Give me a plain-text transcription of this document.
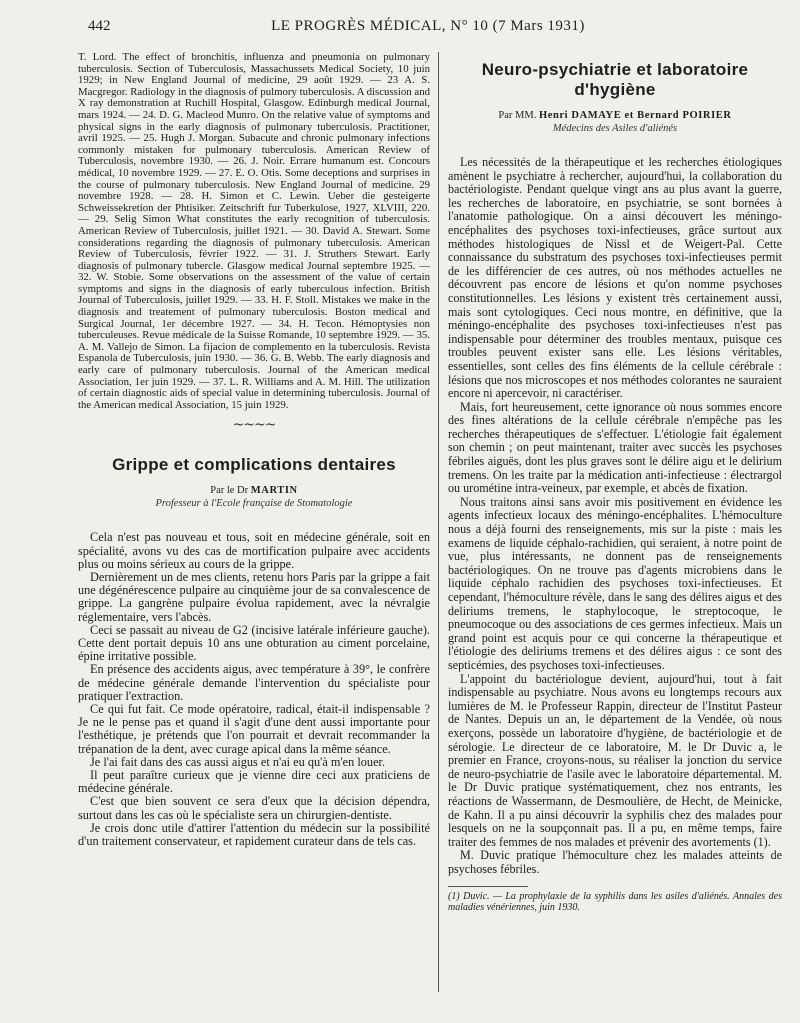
442	LE PROGRÈS MÉDICAL, N° 10 (7 Mars 1931)

T. Lord. The effect of bronchitis, influenza and pneumonia on pulmonary tuberculosis. Section of Tuberculosis, Massachussets Medical Society, 10 juin 1929; in New England Journal of medicine, 29 août 1929. — 23 A. S. Macgregor. Radiology in the diagnosis of pulmory tuberculosis. A discussion and X ray demonstration at Ruchill Hospital, Glasgow. Edinburgh medical Journal, mars 1924. — 24. D. G. Macleod Munro. On the relative value of symptoms and physical signs in the early diagnosis of pulmonary tuberculosis. Practitioner, avril 1925. — 25. Hugh J. Morgan. Subacute and chronic pulmonary infections commonly mistaken for pulmonary tuberculosis. American Review of Tuberculosis, novembre 1930. — 26. J. Noir. Errare humanum est. Concours médical, 10 novembre 1929. — 27. E. O. Otis. Some deceptions and surprises in the course of pulmonary tuberculosis. New England Journal of medicine. 29 novembre 1928. — 28. H. Simon et C. Lewin. Ueber die gesteigerte Schweissekretion der Phtisiker. Zeitschrift fur Tuberkulose, 1927, XLVIII, 220. — 29. Selig Simon What constitutes the early recognition of tuberculosis. American Review of Tuberculosis, juillet 1921. — 30. David A. Stewart. Some considerations regarding the diagnosis of pulmonary tuberculosis. American Review of Tuberculosis, février 1922. — 31. J. Struthers Stewart. Early diagnosis of pulmonary tubercle. Glasgow medical Journal septembre 1925. — 32. W. Stobie. Some observations on the assessment of the value of certain symptoms and signs in the diagnosis of early tuberculous infection. British Journal of Tuberculosis, juillet 1929. — 33. H. F. Stoll. Mistakes we make in the diagnosis and treatement of pulmonary tuberculosis. Boston medical and Surgical Journal, 1er décembre 1927. — 34. H. Tecon. Hémoptysies non tuberculeuses. Revue médicale de la Suisse Romande, 10 septembre 1929. — 35. A. M. Vallejo de Simon. La fijacion de complemento en la tuberculosis. Revista Espanola de Tuberculosis, juin 1930. — 36. G. B. Webb. The early diagnosis and early care of pulmonary tuberculosis. Journal of the American medical Association, 1er juin 1929. — 37. L. R. Williams and A. M. Hill. The utilization of certain diagnostic aids of special value in determining tuberculosis. Journal of the American medical Association, 15 juin 1929.

~~~~
Grippe et complications dentaires
Par le Dr MARTIN
Professeur à l'Ecole française de Stomatologie

Cela n'est pas nouveau et tous, soit en médecine générale, soit en spécialité, avons vu des cas de mortification pulpaire avec accidents plus ou moins sérieux au cours de la grippe.

Dernièrement un de mes clients, retenu hors Paris par la grippe a fait une dégénérescence pulpaire au cinquième jour de sa convalescence de grippe. La gangrène pulpaire évolua rapidement, avec la névralgie réglementaire, vers l'abcès.

Ceci se passait au niveau de G2 (incisive latérale inférieure gauche). Cette dent portait depuis 10 ans une obturation au ciment porcelaine, épine irritative possible.

En présence des accidents aigus, avec température à 39°, le confrère de médecine générale demande l'intervention du spécialiste pour pratiquer l'extraction.

Ce qui fut fait. Ce mode opératoire, radical, était-il indispensable ? Je ne le pense pas et quand il s'agit d'une dent aussi importante pour l'esthétique, je prétends que l'on pourrait et devrait recommander la trépanation de la dent, avec curage apical dans la même séance.

Je l'ai fait dans des cas aussi aigus et n'ai eu qu'à m'en louer.

Il peut paraître curieux que je vienne dire ceci aux praticiens de médecine générale.

C'est que bien souvent ce sera d'eux que la décision dépendra, surtout dans les cas où le spécialiste sera un chirurgien-dentiste.

Je crois donc utile d'attirer l'attention du médecin sur la possibilité d'un traitement conservateur, et rapidement curateur dans de tels cas.

Neuro-psychiatrie et laboratoire d'hygiène
Par MM. Henri DAMAYE et Bernard POIRIER
Médecins des Asiles d'aliénés

Les nécessités de la thérapeutique et les recherches étiologiques amènent le psychiatre à rechercher, aujourd'hui, la collaboration du bactériologiste. Pendant quelque vingt ans au plus avant la guerre, les recherches de laboratoire, en psychiatrie, se sont bornées à l'anatomie pathologique. On a ainsi découvert les méningo-encéphalites des psychoses toxi-infectieuses, grâce surtout aux méthodes histologiques de Nissl et de Weigert-Pal. Cette connaissance du substratum des psychoses toxi-infectieuses permit de les différencier de ces autres, où nos méthodes actuelles ne découvrent pas encore de lésions et qu'on nomme psychoses constitutionnelles. Les lésions y existent très certainement aussi, mais sont cytologiques. Ceci nous montre, en définitive, que la méningo-encéphalite des psychoses toxi-infectieuses n'est pas indispensable pour déterminer des troubles mentaux, puisque ces troubles peuvent exister sans elle. Les lésions véritables, essentielles, sont celles des fins éléments de la cellule cérébrale : lésions que nos microscopes et nos méthodes colorantes ne sauraient encore ni apercevoir, ni caractériser.

Mais, fort heureusement, cette ignorance où nous sommes encore des fines altérations de la cellule cérébrale n'empêche pas les recherches thérapeutiques de s'effectuer. L'étiologie fait également son chemin ; on peut maintenant, traiter avec succès les psychoses fébriles aiguës, dont les plus graves sont le délire aigu et le delirium tremens. On les traite par la médication anti-infectieuse : électrargol ou urométine intra-veineux, par exemple, et abcès de fixation.

Nous traitons ainsi sans avoir mis positivement en évidence les agents infectieux locaux des méningo-encéphalites. L'hémoculture nous a déjà fourni des renseignements, mis sur la piste : mais les examens de liquide céphalo-rachidien, qui seraient, à notre point de vue, plus intéressants, ne donnent pas de renseignements bactériologiques. On ne trouve pas d'agents microbiens dans le liquide céphalo rachidien des psychoses toxi-infectieuses. Et cependant, l'hémoculture révèle, dans le sang des délires aigus et des deliriums tremens, le staphylocoque, le streptocoque, le pneumocoque ou des associations de ces germes infectieux. Mais un grand point est acquis pour ce qui concerne la thérapeutique et l'étiologie des deliriums tremens et des délires aigus : ce sont des septicémies, des psychoses toxi-infectieuses.

L'appoint du bactériologue devient, aujourd'hui, tout à fait indispensable au psychiatre. Nous avons eu longtemps recours aux lumières de M. le Professeur Rappin, directeur de l'Institut Pasteur de Nantes. Depuis un an, le département de la Vendée, où nous exerçons, possède un laboratoire d'hygiène, de bactériologie et de sérologie. Le directeur de ce laboratoire, M. le Dr Duvic a, le premier en France, croyons-nous, su réaliser la jonction du service de neuro-psychiatrie de l'asile avec le laboratoire départemental. M. le Dr Duvic pratique systématiquement, chez nos entrants, les réactions de Wassermann, de Desmoulière, de Hecht, de Meinicke, de Kahn. Il a pu ainsi découvrir la syphilis chez des malades pour lesquels on ne la soupçonnait pas. Il a pu, en même temps, faire traiter des femmes de nos malades et prévenir des avortements (1).

M. Duvic pratique l'hémoculture chez les malades atteints de psychoses fébriles.

(1) Duvic. — La prophylaxie de la syphilis dans les asiles d'aliénés. Annales des maladies vénériennes, juin 1930.
